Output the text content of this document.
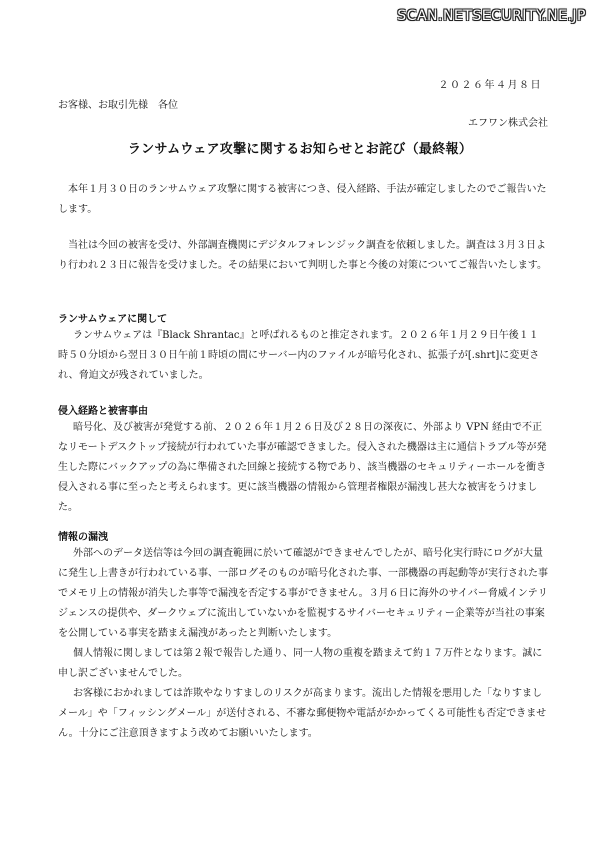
SCAN.NETSECURITY.NE.JP
２０２６年４月８日
お客様、お取引先様　各位
エフワン株式会社
ランサムウェア攻撃に関するお知らせとお詫び（最終報）

本年１月３０日のランサムウェア攻撃に関する被害につき、侵入経路、手法が確定しましたのでご報告いたします。

当社は今回の被害を受け、外部調査機関にデジタルフォレンジック調査を依頼しました。調査は３月３日より行われ２３日に報告を受けました。その結果において判明した事と今後の対策についてご報告いたします。

ランサムウェアに関して

ランサムウェアは『Black Shrantac』と呼ばれるものと推定されます。２０２６年１月２９日午後１１時５０分頃から翌日３０日午前１時頃の間にサーバー内のファイルが暗号化され、拡張子が[.shrt]に変更され、脅迫文が残されていました。

侵入経路と被害事由

暗号化、及び被害が発覚する前、２０２６年１月２６日及び２８日の深夜に、外部より VPN 経由で不正なリモートデスクトップ接続が行われていた事が確認できました。侵入された機器は主に通信トラブル等が発生した際にバックアップの為に準備された回線と接続する物であり、該当機器のセキュリティーホールを衝き侵入される事に至ったと考えられます。更に該当機器の情報から管理者権限が漏洩し甚大な被害をうけました。

情報の漏洩

外部へのデータ送信等は今回の調査範囲に於いて確認ができませんでしたが、暗号化実行時にログが大量に発生し上書きが行われている事、一部ログそのものが暗号化された事、一部機器の再起動等が実行された事でメモリ上の情報が消失した事等で漏洩を否定する事ができません。３月６日に海外のサイバー脅威インテリジェンスの提供や、ダークウェブに流出していないかを監視するサイバーセキュリティー企業等が当社の事案を公開している事実を踏まえ漏洩があったと判断いたします。

個人情報に関しましては第２報で報告した通り、同一人物の重複を踏まえて約１７万件となります。誠に申し訳ございませんでした。

お客様におかれましては詐欺やなりすましのリスクが高まります。流出した情報を悪用した「なりすましメール」や「フィッシングメール」が送付される、不審な郵便物や電話がかかってくる可能性も否定できません。十分にご注意頂きますよう改めてお願いいたします。
